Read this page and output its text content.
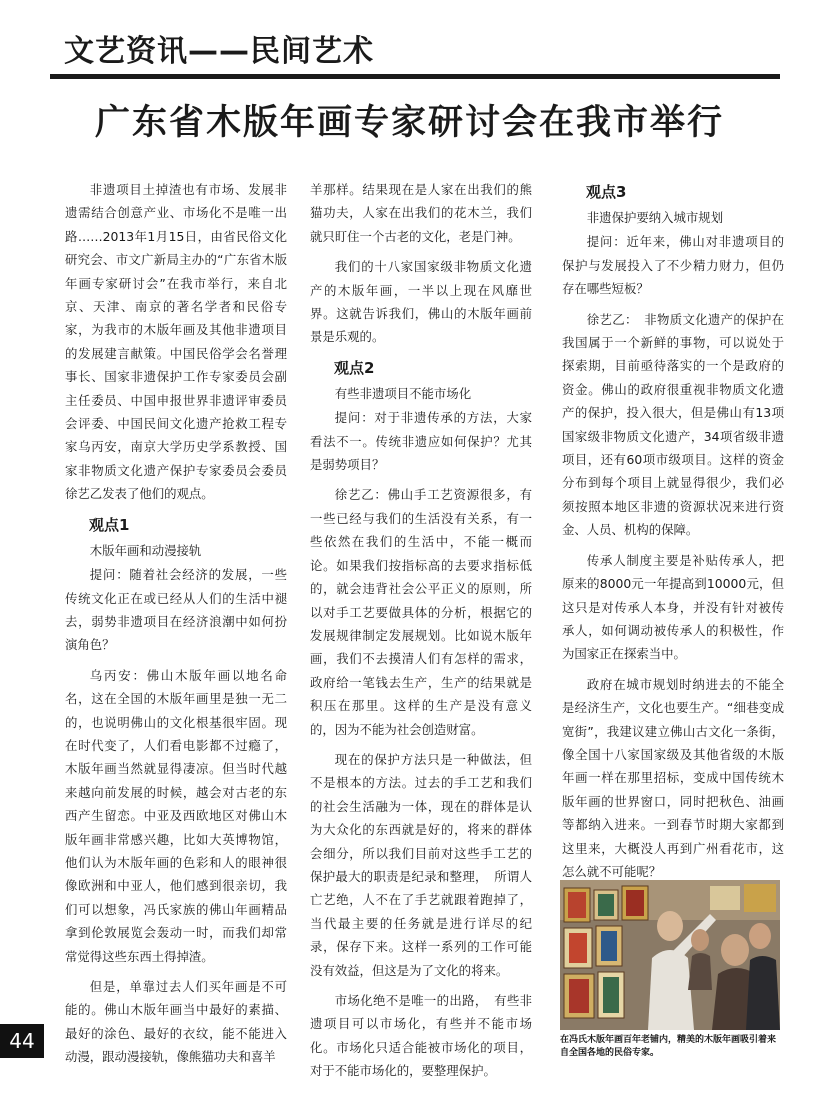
文艺资讯——民间艺术
广东省木版年画专家研讨会在我市举行

非遗项目土掉渣也有市场、发展非遗需结合创意产业、市场化不是唯一出路……2013年1月15日，由省民俗文化研究会、市文广新局主办的“广东省木版年画专家研讨会”在我市举行，来自北京、天津、南京的著名学者和民俗专家，为我市的木版年画及其他非遗项目的发展建言献策。中国民俗学会名誉理事长、国家非遗保护工作专家委员会副主任委员、中国申报世界非遗评审委员会评委、中国民间文化遗产抢救工程专家乌丙安，南京大学历史学系教授、国家非物质文化遗产保护专家委员会委员徐艺乙发表了他们的观点。

观点1

木版年画和动漫接轨

提问：随着社会经济的发展，一些传统文化正在或已经从人们的生活中褪去，弱势非遗项目在经济浪潮中如何扮演角色？

乌丙安：佛山木版年画以地名命名，这在全国的木版年画里是独一无二的，也说明佛山的文化根基很牢固。现在时代变了，人们看电影都不过瘾了，木版年画当然就显得凄凉。但当时代越来越向前发展的时候，越会对古老的东西产生留恋。中亚及西欧地区对佛山木版年画非常感兴趣，比如大英博物馆，他们认为木版年画的色彩和人的眼神很像欧洲和中亚人，他们感到很亲切，我们可以想象，冯氏家族的佛山年画精品拿到伦敦展览会轰动一时，而我们却常常觉得这些东西土得掉渣。

但是，单靠过去人们买年画是不可能的。佛山木版年画当中最好的素描、最好的涂色、最好的衣纹，能不能进入动漫，跟动漫接轨，像熊猫功夫和喜羊

羊那样。结果现在是人家在出我们的熊猫功夫，人家在出我们的花木兰，我们就只盯住一个古老的文化，老是门神。

我们的十八家国家级非物质文化遗产的木版年画，一半以上现在风靡世界。这就告诉我们，佛山的木版年画前景是乐观的。

观点2

有些非遗项目不能市场化

提问：对于非遗传承的方法，大家看法不一。传统非遗应如何保护？尤其是弱势项目？

徐艺乙：佛山手工艺资源很多，有一些已经与我们的生活没有关系，有一些依然在我们的生活中，不能一概而论。如果我们按指标高的去要求指标低的，就会违背社会公平正义的原则，所以对手工艺要做具体的分析，根据它的发展规律制定发展规划。比如说木版年画，我们不去摸清人们有怎样的需求，政府给一笔钱去生产，生产的结果就是积压在那里。这样的生产是没有意义的，因为不能为社会创造财富。

现在的保护方法只是一种做法，但不是根本的方法。过去的手工艺和我们的社会生活融为一体，现在的群体是认为大众化的东西就是好的，将来的群体会细分，所以我们目前对这些手工艺的保护最大的职责是纪录和整理，　所谓人亡艺绝，人不在了手艺就跟着跑掉了，当代最主要的任务就是进行详尽的纪录，保存下来。这样一系列的工作可能没有效益，但这是为了文化的将来。

市场化绝不是唯一的出路，　有些非遗项目可以市场化，有些并不能市场化。市场化只适合能被市场化的项目，对于不能市场化的，要整理保护。

观点3

非遗保护要纳入城市规划

提问：近年来，佛山对非遗项目的保护与发展投入了不少精力财力，但仍存在哪些短板？

徐艺乙：　非物质文化遗产的保护在我国属于一个新鲜的事物，可以说处于探索期，目前亟待落实的一个是政府的资金。佛山的政府很重视非物质文化遗产的保护，投入很大，但是佛山有13项国家级非物质文化遗产，34项省级非遗项目，还有60项市级项目。这样的资金分布到每个项目上就显得很少，我们必须按照本地区非遗的资源状况来进行资金、人员、机构的保障。

传承人制度主要是补贴传承人，把原来的8000元一年提高到10000元，但这只是对传承人本身，并没有针对被传承人，如何调动被传承人的积极性，作为国家正在探索当中。

政府在城市规划时纳进去的不能全是经济生产，文化也要生产。“细巷变成宽街”，我建议建立佛山古文化一条街，像全国十八家国家级及其他省级的木版年画一样在那里招标，变成中国传统木版年画的世界窗口，同时把秋色、油画等都纳入进来。一到春节时期大家都到这里来，大概没人再到广州看花市，这怎么就不可能呢？

在冯氏木版年画百年老铺内，精美的木版年画吸引着来自全国各地的民俗专家。
44
